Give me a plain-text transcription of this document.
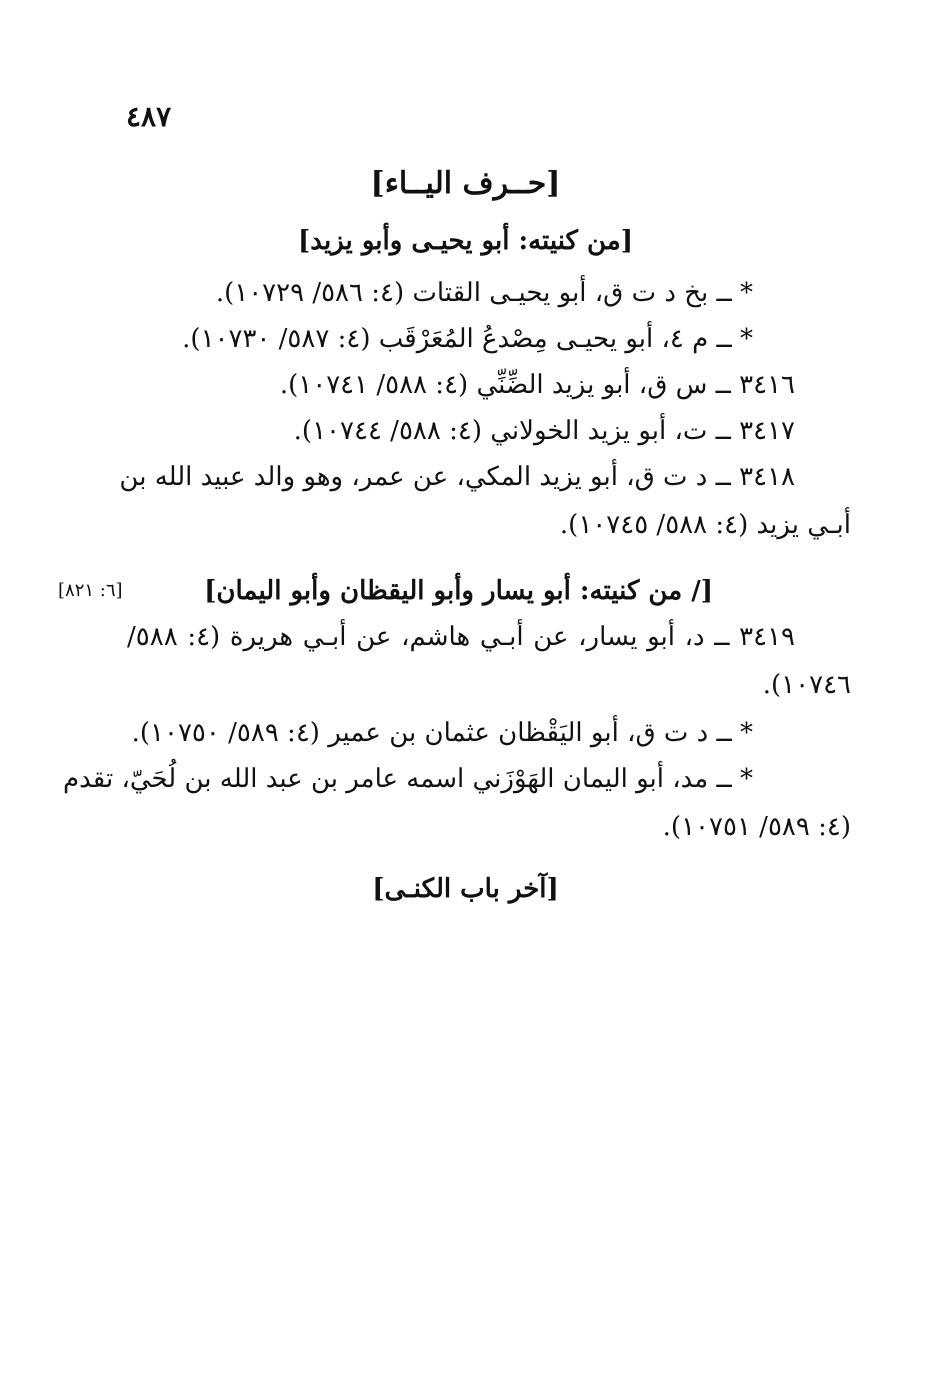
٤٨٧
[حــرف اليــاء]
[من كنيته: أبو يحيـى وأبو يزيد]
* ــ بخ د ت ق، أبو يحيـى القتات (٤: ٥٨٦/ ١٠٧٢٩).
* ــ م ٤، أبو يحيـى مِصْدعُ المُعَرْقَب (٤: ٥٨٧/ ١٠٧٣٠).
٣٤١٦ ــ س ق، أبو يزيد الضِّنِّي (٤: ٥٨٨/ ١٠٧٤١).
٣٤١٧ ــ ت، أبو يزيد الخولاني (٤: ٥٨٨/ ١٠٧٤٤).
٣٤١٨ ــ د ت ق، أبو يزيد المكي، عن عمر، وهو والد عبيد الله بن
أبـي يزيد (٤: ٥٨٨/ ١٠٧٤٥).
[/ من كنيته: أبو يسار وأبو اليقظان وأبو اليمان]
[٦: ٨٢١]
٣٤١٩ ــ د، أبو يسار، عن أبـي هاشم، عن أبـي هريرة (٤: ٥٨٨/
١٠٧٤٦).
* ــ د ت ق، أبو اليَقْظان عثمان بن عمير (٤: ٥٨٩/ ١٠٧٥٠).
* ــ مد، أبو اليمان الهَوْزَني اسمه عامر بن عبد الله بن لُحَيّ، تقدم
(٤: ٥٨٩/ ١٠٧٥١).
[آخر باب الكنـى]
